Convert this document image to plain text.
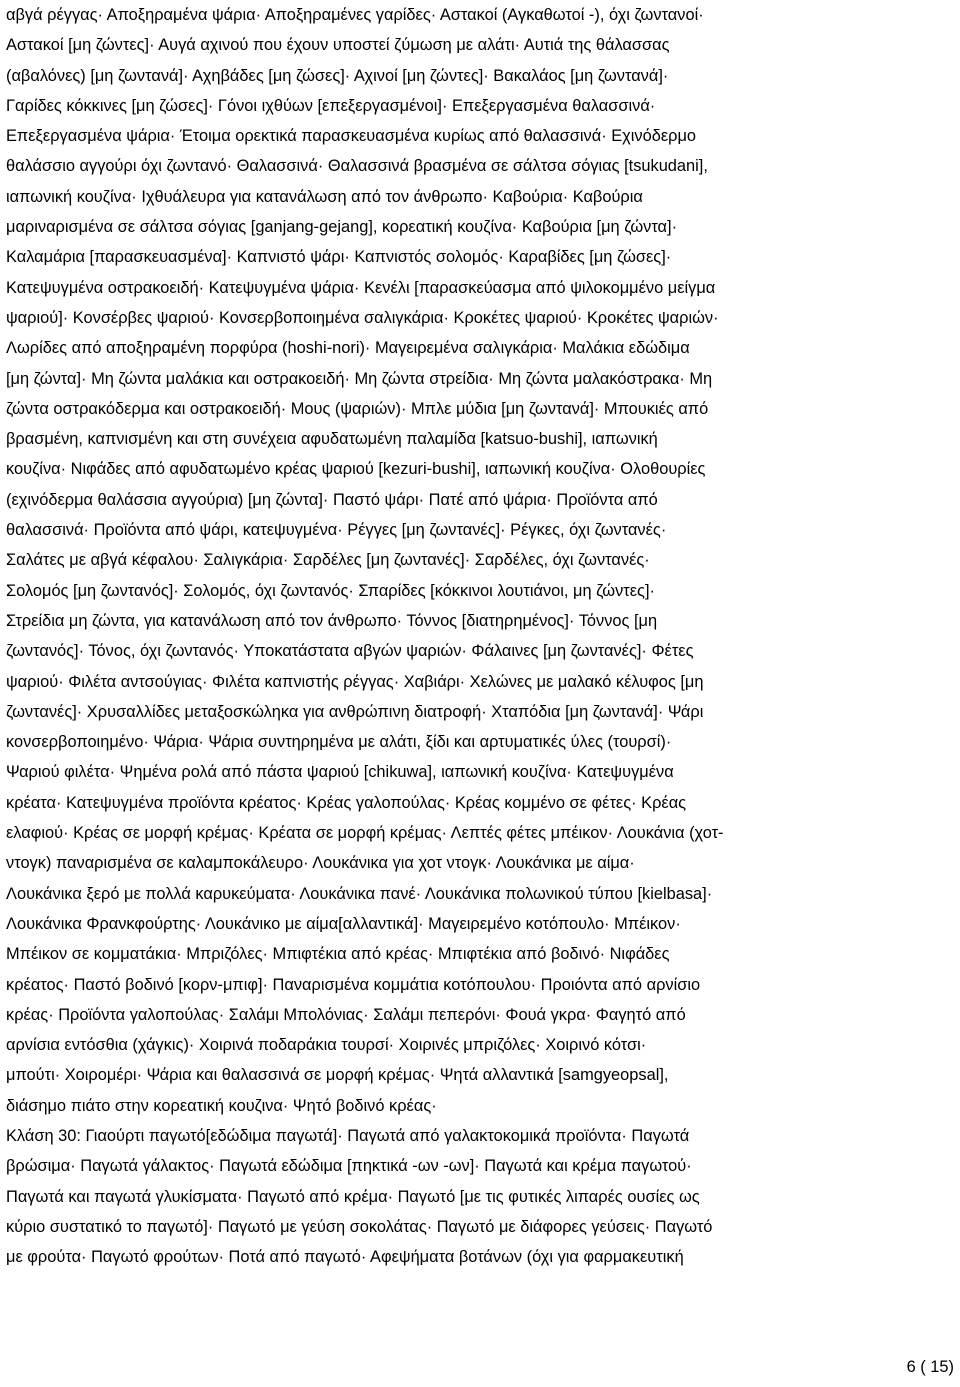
αβγά ρέγγας· Αποξηραμένα ψάρια· Αποξηραμένες γαρίδες· Αστακοί (Αγκαθωτοί -), όχι ζωντανοί·
Αστακοί [μη ζώντες]· Αυγά αχινού που έχουν υποστεί ζύμωση με αλάτι· Αυτιά της θάλασσας
(αβαλόνες) [μη ζωντανά]· Αχηβάδες [μη ζώσες]· Αχινοί [μη ζώντες]· Βακαλάος [μη ζωντανά]·
Γαρίδες κόκκινες [μη ζώσες]· Γόνοι ιχθύων [επεξεργασμένοι]· Επεξεργασμένα θαλασσινά·
Επεξεργασμένα ψάρια· Έτοιμα ορεκτικά παρασκευασμένα κυρίως από θαλασσινά· Εχινόδερμο
θαλάσσιο αγγούρι όχι ζωντανό· Θαλασσινά· Θαλασσινά βρασμένα σε σάλτσα σόγιας [tsukudani],
ιαπωνική κουζίνα· Ιχθυάλευρα για κατανάλωση από τον άνθρωπο· Καβούρια· Καβούρια
μαριναρισμένα σε σάλτσα σόγιας [ganjang-gejang], κορεατική κουζίνα· Καβούρια [μη ζώντα]·
Καλαμάρια [παρασκευασμένα]· Καπνιστό ψάρι· Καπνιστός σολομός· Καραβίδες [μη ζώσες]·
Κατεψυγμένα οστρακοειδή· Κατεψυγμένα ψάρια· Κενέλι [παρασκεύασμα από ψιλοκομμένο μείγμα
ψαριού]· Κονσέρβες ψαριού· Κονσερβοποιημένα σαλιγκάρια· Κροκέτες ψαριού· Κροκέτες ψαριών·
Λωρίδες από αποξηραμένη πορφύρα (hoshi-nori)· Μαγειρεμένα σαλιγκάρια· Μαλάκια εδώδιμα
[μη ζώντα]· Μη ζώντα μαλάκια και οστρακοειδή· Μη ζώντα στρείδια· Μη ζώντα μαλακόστρακα· Μη
ζώντα οστρακόδερμα και οστρακοειδή· Μους (ψαριών)· Μπλε μύδια [μη ζωντανά]· Μπουκιές από
βρασμένη, καπνισμένη και στη συνέχεια αφυδατωμένη παλαμίδα [katsuo-bushi], ιαπωνική
κουζίνα· Νιφάδες από αφυδατωμένο κρέας ψαριού [kezuri-bushi], ιαπωνική κουζίνα· Ολοθουρίες
(εχινόδερμα θαλάσσια αγγούρια) [μη ζώντα]· Παστό ψάρι· Πατέ από ψάρια· Προϊόντα από
θαλασσινά· Προϊόντα από ψάρι, κατεψυγμένα· Ρέγγες [μη ζωντανές]· Ρέγκες, όχι ζωντανές·
Σαλάτες με αβγά κέφαλου· Σαλιγκάρια· Σαρδέλες [μη ζωντανές]· Σαρδέλες, όχι ζωντανές·
Σολομός [μη ζωντανός]· Σολομός, όχι ζωντανός· Σπαρίδες [κόκκινοι λουτιάνοι, μη ζώντες]·
Στρείδια μη ζώντα, για κατανάλωση από τον άνθρωπο· Τόννος [διατηρημένος]· Τόννος [μη
ζωντανός]· Τόνος, όχι ζωντανός· Υποκατάστατα αβγών ψαριών· Φάλαινες [μη ζωντανές]· Φέτες
ψαριού· Φιλέτα αντσούγιας· Φιλέτα καπνιστής ρέγγας· Χαβιάρι· Χελώνες με μαλακό κέλυφος [μη
ζωντανές]· Χρυσαλλίδες μεταξοσκώληκα για ανθρώπινη διατροφή· Χταπόδια [μη ζωντανά]· Ψάρι
κονσερβοποιημένο· Ψάρια· Ψάρια συντηρημένα με αλάτι, ξίδι και αρτυματικές ύλες (τουρσί)·
Ψαριού φιλέτα· Ψημένα ρολά από πάστα ψαριού [chikuwa], ιαπωνική κουζίνα· Κατεψυγμένα
κρέατα· Κατεψυγμένα προϊόντα κρέατος· Κρέας γαλοπούλας· Κρέας κομμένο σε φέτες· Κρέας
ελαφιού· Κρέας σε μορφή κρέμας· Κρέατα σε μορφή κρέμας· Λεπτές φέτες μπέικον· Λουκάνια (χοτ-
ντογκ) παναρισμένα σε καλαμποκάλευρο· Λουκάνικα για χοτ ντογκ· Λουκάνικα με αίμα·
Λουκάνικα ξερό με πολλά καρυκεύματα· Λουκάνικα πανέ· Λουκάνικα πολωνικού τύπου [kielbasa]·
Λουκάνικα Φρανκφούρτης· Λουκάνικο με αίμα[αλλαντικά]· Μαγειρεμένο κοτόπουλο· Μπέικον·
Μπέικον σε κομματάκια· Μπριζόλες· Μπιφτέκια από κρέας· Μπιφτέκια από βοδινό· Νιφάδες
κρέατος· Παστό βοδινό [κορν-μπιφ]· Παναρισμένα κομμάτια κοτόπουλου· Προιόντα από αρνίσιο
κρέας· Προϊόντα γαλοπούλας· Σαλάμι Μπολόνιας· Σαλάμι πεπερόνι· Φουά γκρα· Φαγητό από
αρνίσια εντόσθια (χάγκις)· Χοιρινά ποδαράκια τουρσί· Χοιρινές μπριζόλες· Χοιρινό κότσι·
μπούτι· Χοιρομέρι· Ψάρια και θαλασσινά σε μορφή κρέμας· Ψητά αλλαντικά [samgyeopsal],
διάσημο πιάτο στην κορεατική κουζινα· Ψητό βοδινό κρέας·
Κλάση 30: Γιαούρτι παγωτό[εδώδιμα παγωτά]· Παγωτά από γαλακτοκομικά προϊόντα· Παγωτά
βρώσιμα· Παγωτά γάλακτος· Παγωτά εδώδιμα [πηκτικά -ων -ων]· Παγωτά και κρέμα παγωτού·
Παγωτά και παγωτά γλυκίσματα· Παγωτό από κρέμα· Παγωτό [με τις φυτικές λιπαρές ουσίες ως
κύριο συστατικό το παγωτό]· Παγωτό με γεύση σοκολάτας· Παγωτό με διάφορες γεύσεις· Παγωτό
με φρούτα· Παγωτό φρούτων· Ποτά από παγωτό· Αφεψήματα βοτάνων (όχι για φαρμακευτική

6 ( 15)
